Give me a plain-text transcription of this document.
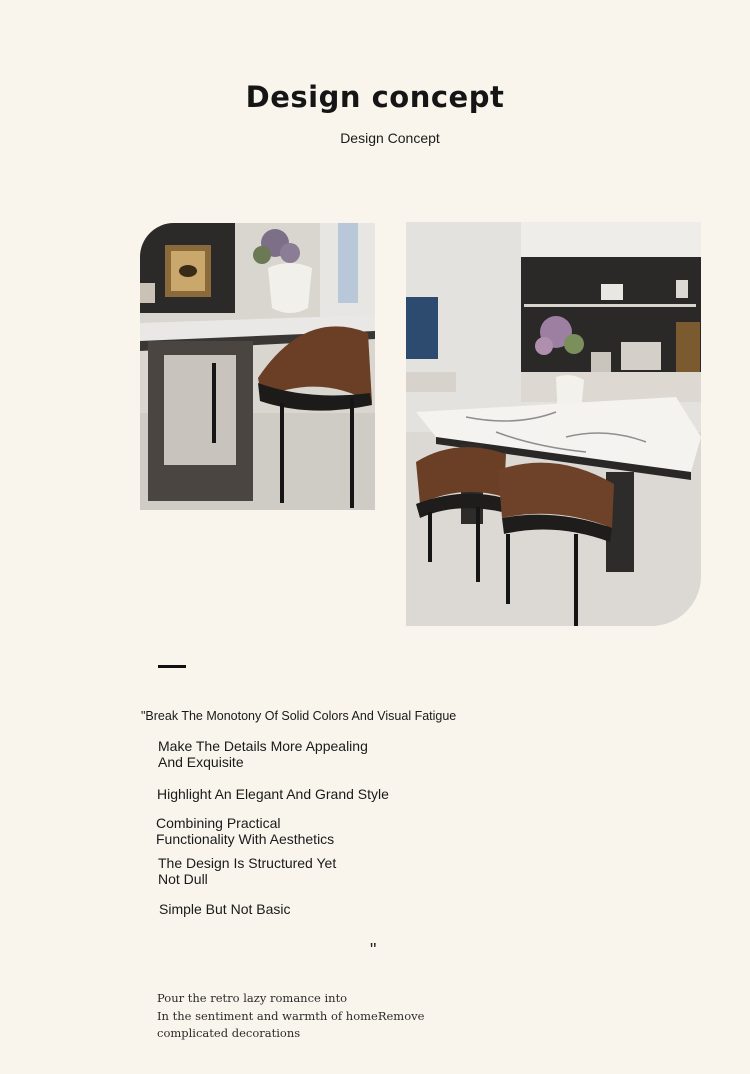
Design concept
Design Concept
"Break The Monotony Of Solid Colors And Visual Fatigue
Make The Details More Appealing
And Exquisite
Highlight An Elegant And Grand Style
Combining Practical
Functionality With Aesthetics
The Design Is Structured Yet
Not Dull
Simple But Not Basic
"
Pour the retro lazy romance into
In the sentiment and warmth of homeRemove
complicated decorations
